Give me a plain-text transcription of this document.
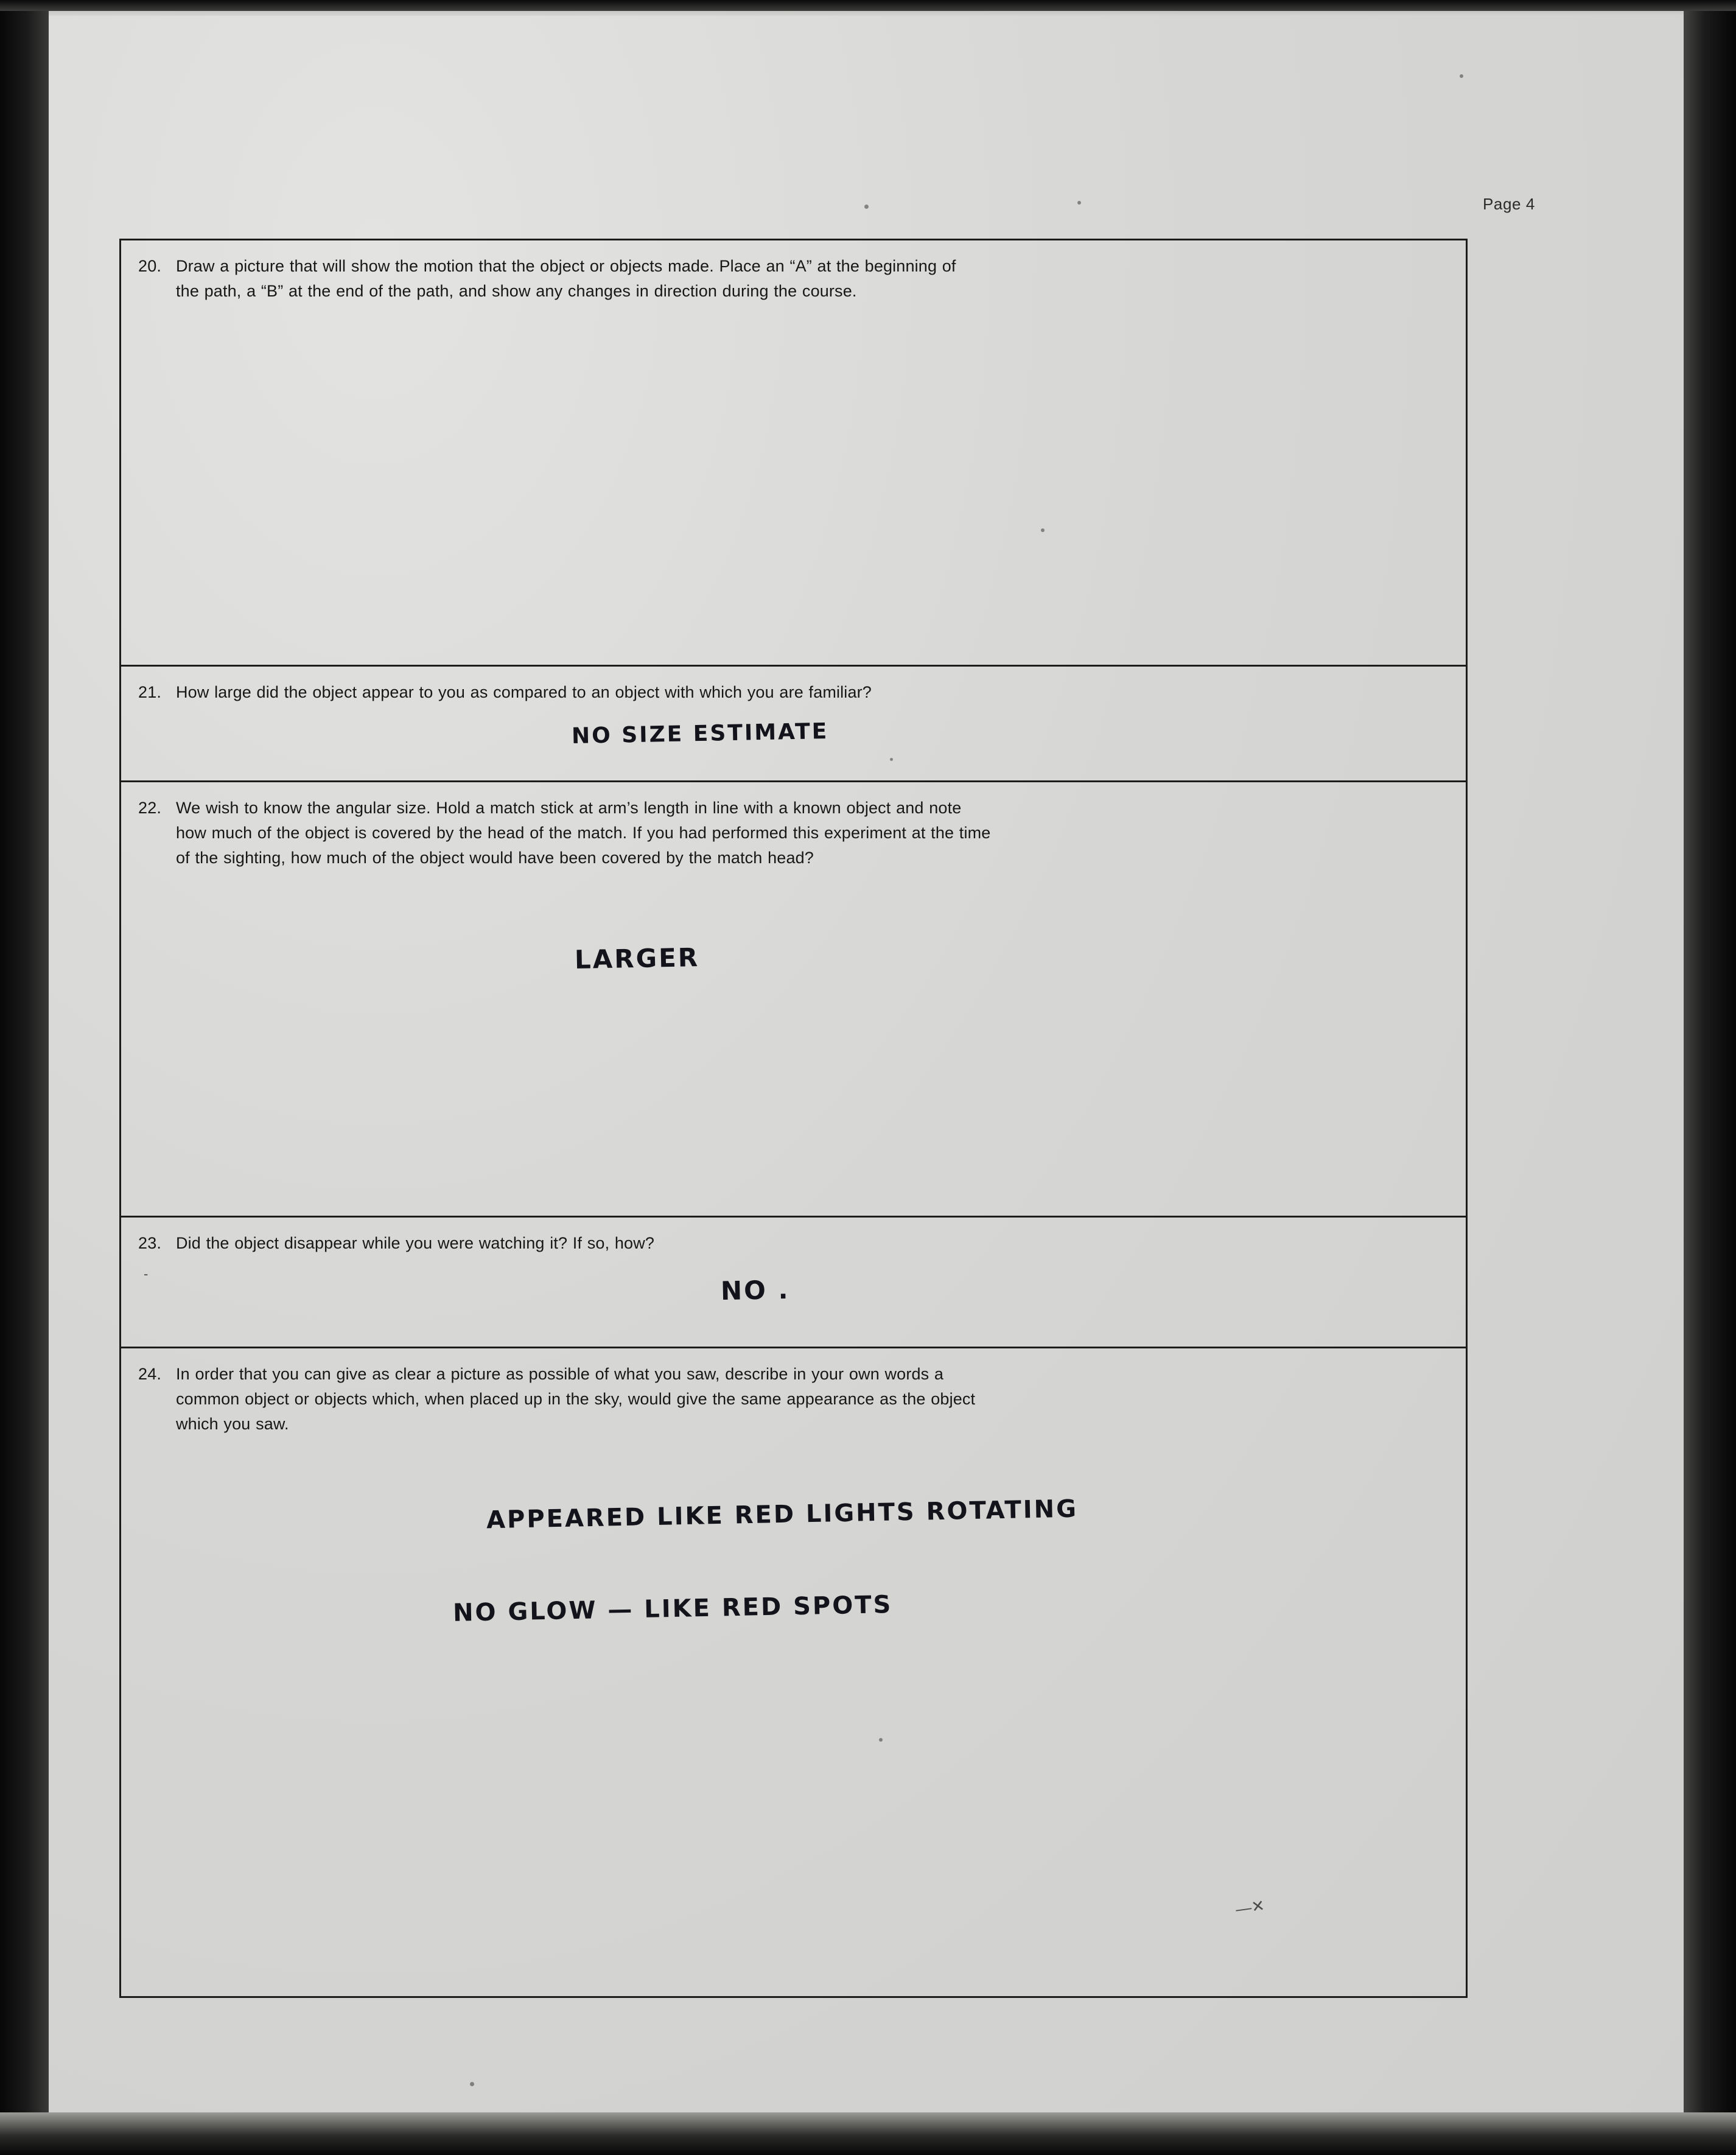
-
—✕
Page 4
20. Draw a picture that will show the motion that the object or objects made. Place an “A” at the beginning of
the path, a “B” at the end of the path, and show any changes in direction during the course.
21. How large did the object appear to you as compared to an object with which you are familiar?
NO SIZE ESTIMATE
22. We wish to know the angular size. Hold a match stick at arm’s length in line with a known object and note
how much of the object is covered by the head of the match. If you had performed this experiment at the time
of the sighting, how much of the object would have been covered by the match head?
LARGER
23. Did the object disappear while you were watching it? If so, how?
NO .
24. In order that you can give as clear a picture as possible of what you saw, describe in your own words a
common object or objects which, when placed up in the sky, would give the same appearance as the object
which you saw.
APPEARED LIKE RED LIGHTS ROTATING
NO GLOW — LIKE RED SPOTS
